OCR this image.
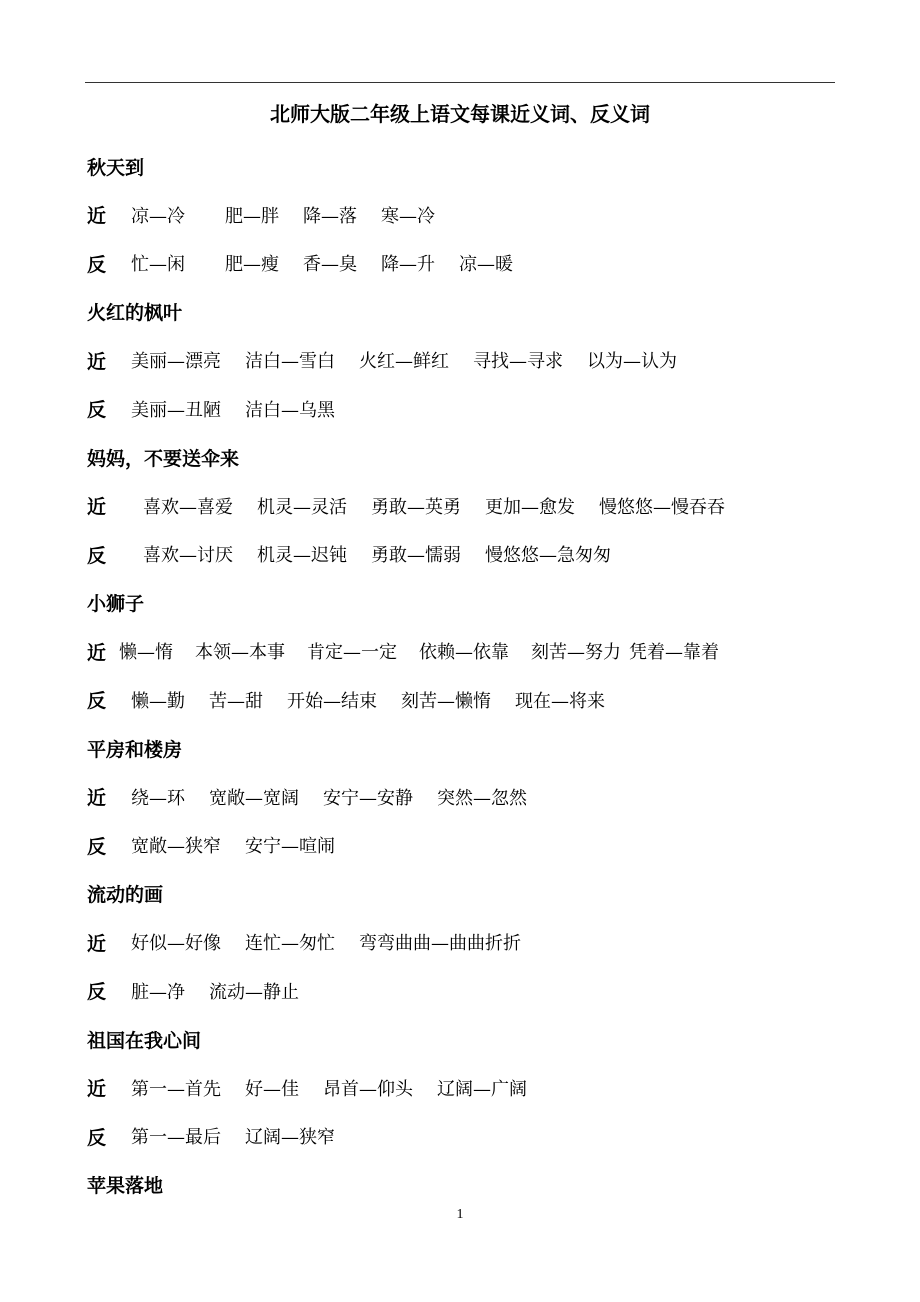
北师大版二年级上语文每课近义词、反义词
秋天到
近	凉—冷 肥—胖 降—落 寒—冷
反	忙—闲 肥—瘦 香—臭 降—升 凉—暖
火红的枫叶
近	美丽—漂亮 洁白—雪白 火红—鲜红 寻找—寻求 以为—认为
反	美丽—丑陋 洁白—乌黑
妈妈，不要送伞来
近	喜欢—喜爱 机灵—灵活 勇敢—英勇 更加—愈发 慢悠悠—慢吞吞
反	喜欢—讨厌 机灵—迟钝 勇敢—懦弱 慢悠悠—急匆匆
小狮子
近 懒—惰 本领—本事 肯定—一定 依赖—依靠 刻苦—努力 凭着—靠着
反	懒—勤 苦—甜 开始—结束 刻苦—懒惰 现在—将来
平房和楼房
近	绕—环 宽敞—宽阔 安宁—安静 突然—忽然
反	宽敞—狭窄 安宁—喧闹
流动的画
近	好似—好像 连忙—匆忙 弯弯曲曲—曲曲折折
反	脏—净 流动—静止
祖国在我心间
近	第一—首先 好—佳 昂首—仰头 辽阔—广阔
反	第一—最后 辽阔—狭窄
苹果落地
1
